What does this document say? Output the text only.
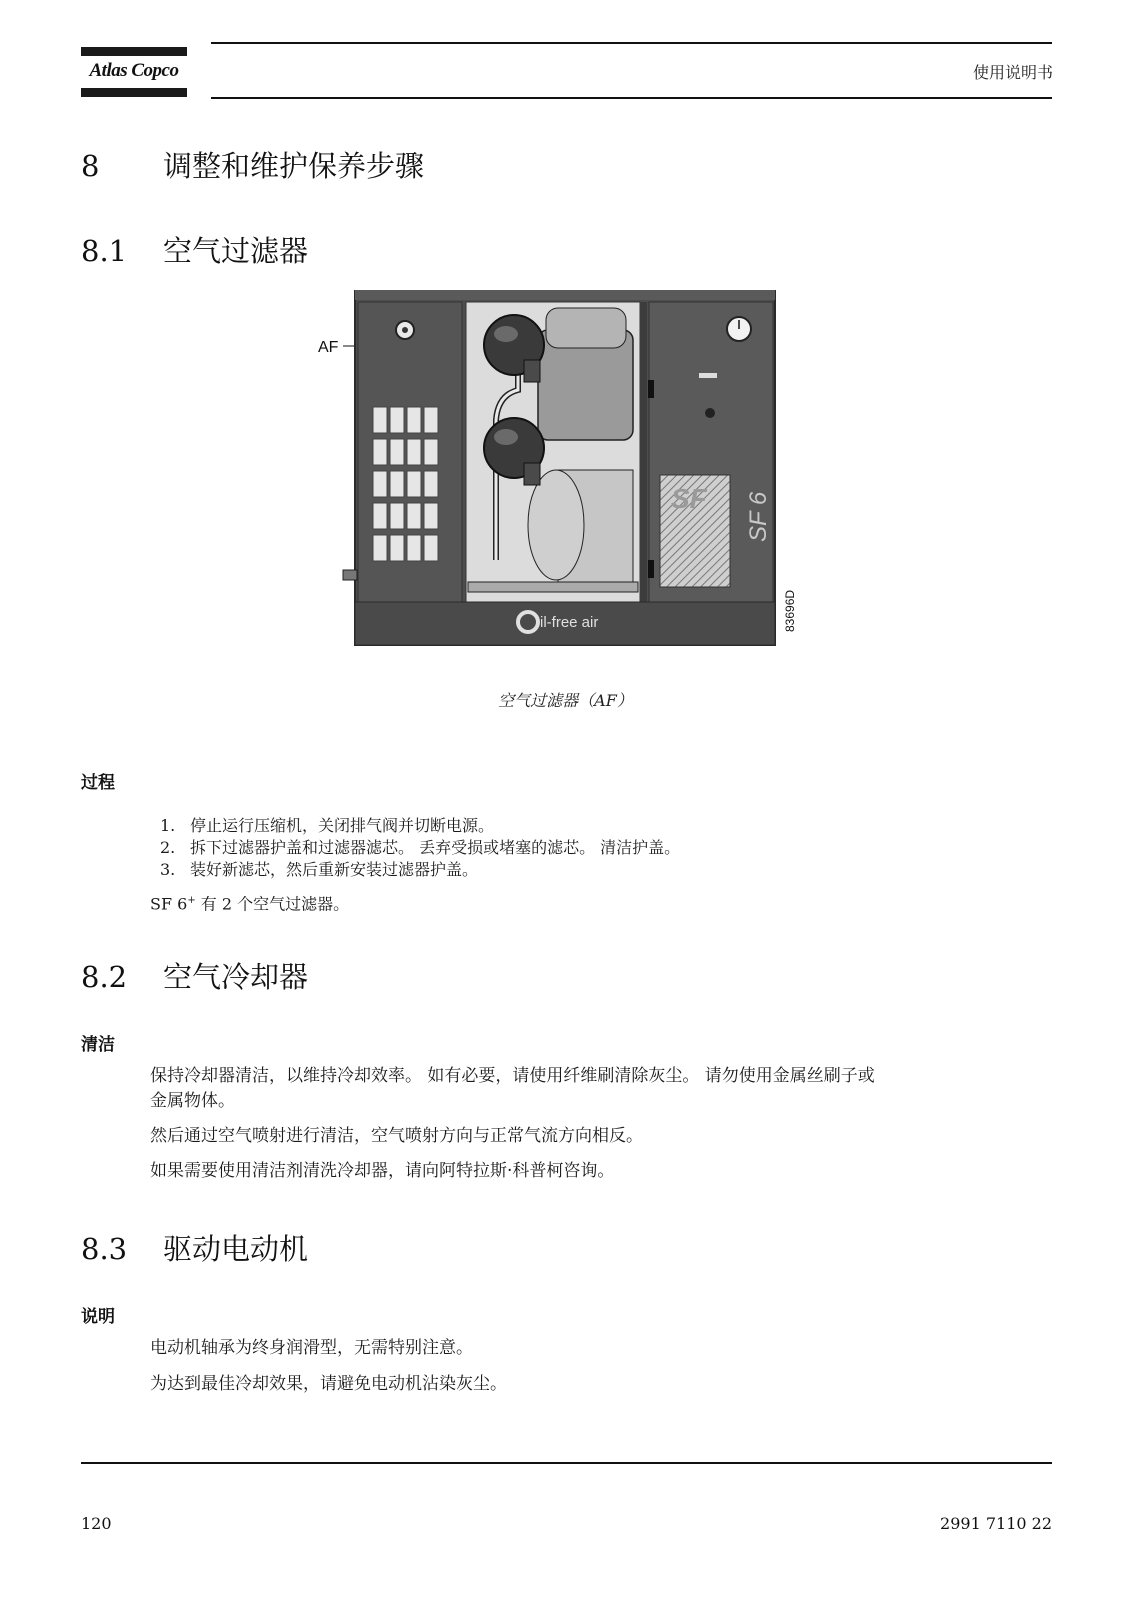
Atlas Copco	使用说明书
8 调整和维护保养步骤
8.1 空气过滤器
AF
SF SF 6
il-free air	83696D
空气过滤器（AF）
过程
1. 停止运行压缩机，关闭排气阀并切断电源。
2. 拆下过滤器护盖和过滤器滤芯。 丢弃受损或堵塞的滤芯。 清洁护盖。
3. 装好新滤芯，然后重新安装过滤器护盖。
SF 6+ 有 2 个空气过滤器。
8.2 空气冷却器
清洁
保持冷却器清洁，以维持冷却效率。 如有必要，请使用纤维刷清除灰尘。 请勿使用金属丝刷子或
金属物体。
然后通过空气喷射进行清洁，空气喷射方向与正常气流方向相反。
如果需要使用清洁剂清洗冷却器，请向阿特拉斯·科普柯咨询。
8.3 驱动电动机
说明
电动机轴承为终身润滑型，无需特别注意。
为达到最佳冷却效果，请避免电动机沾染灰尘。
120	2991 7110 22
